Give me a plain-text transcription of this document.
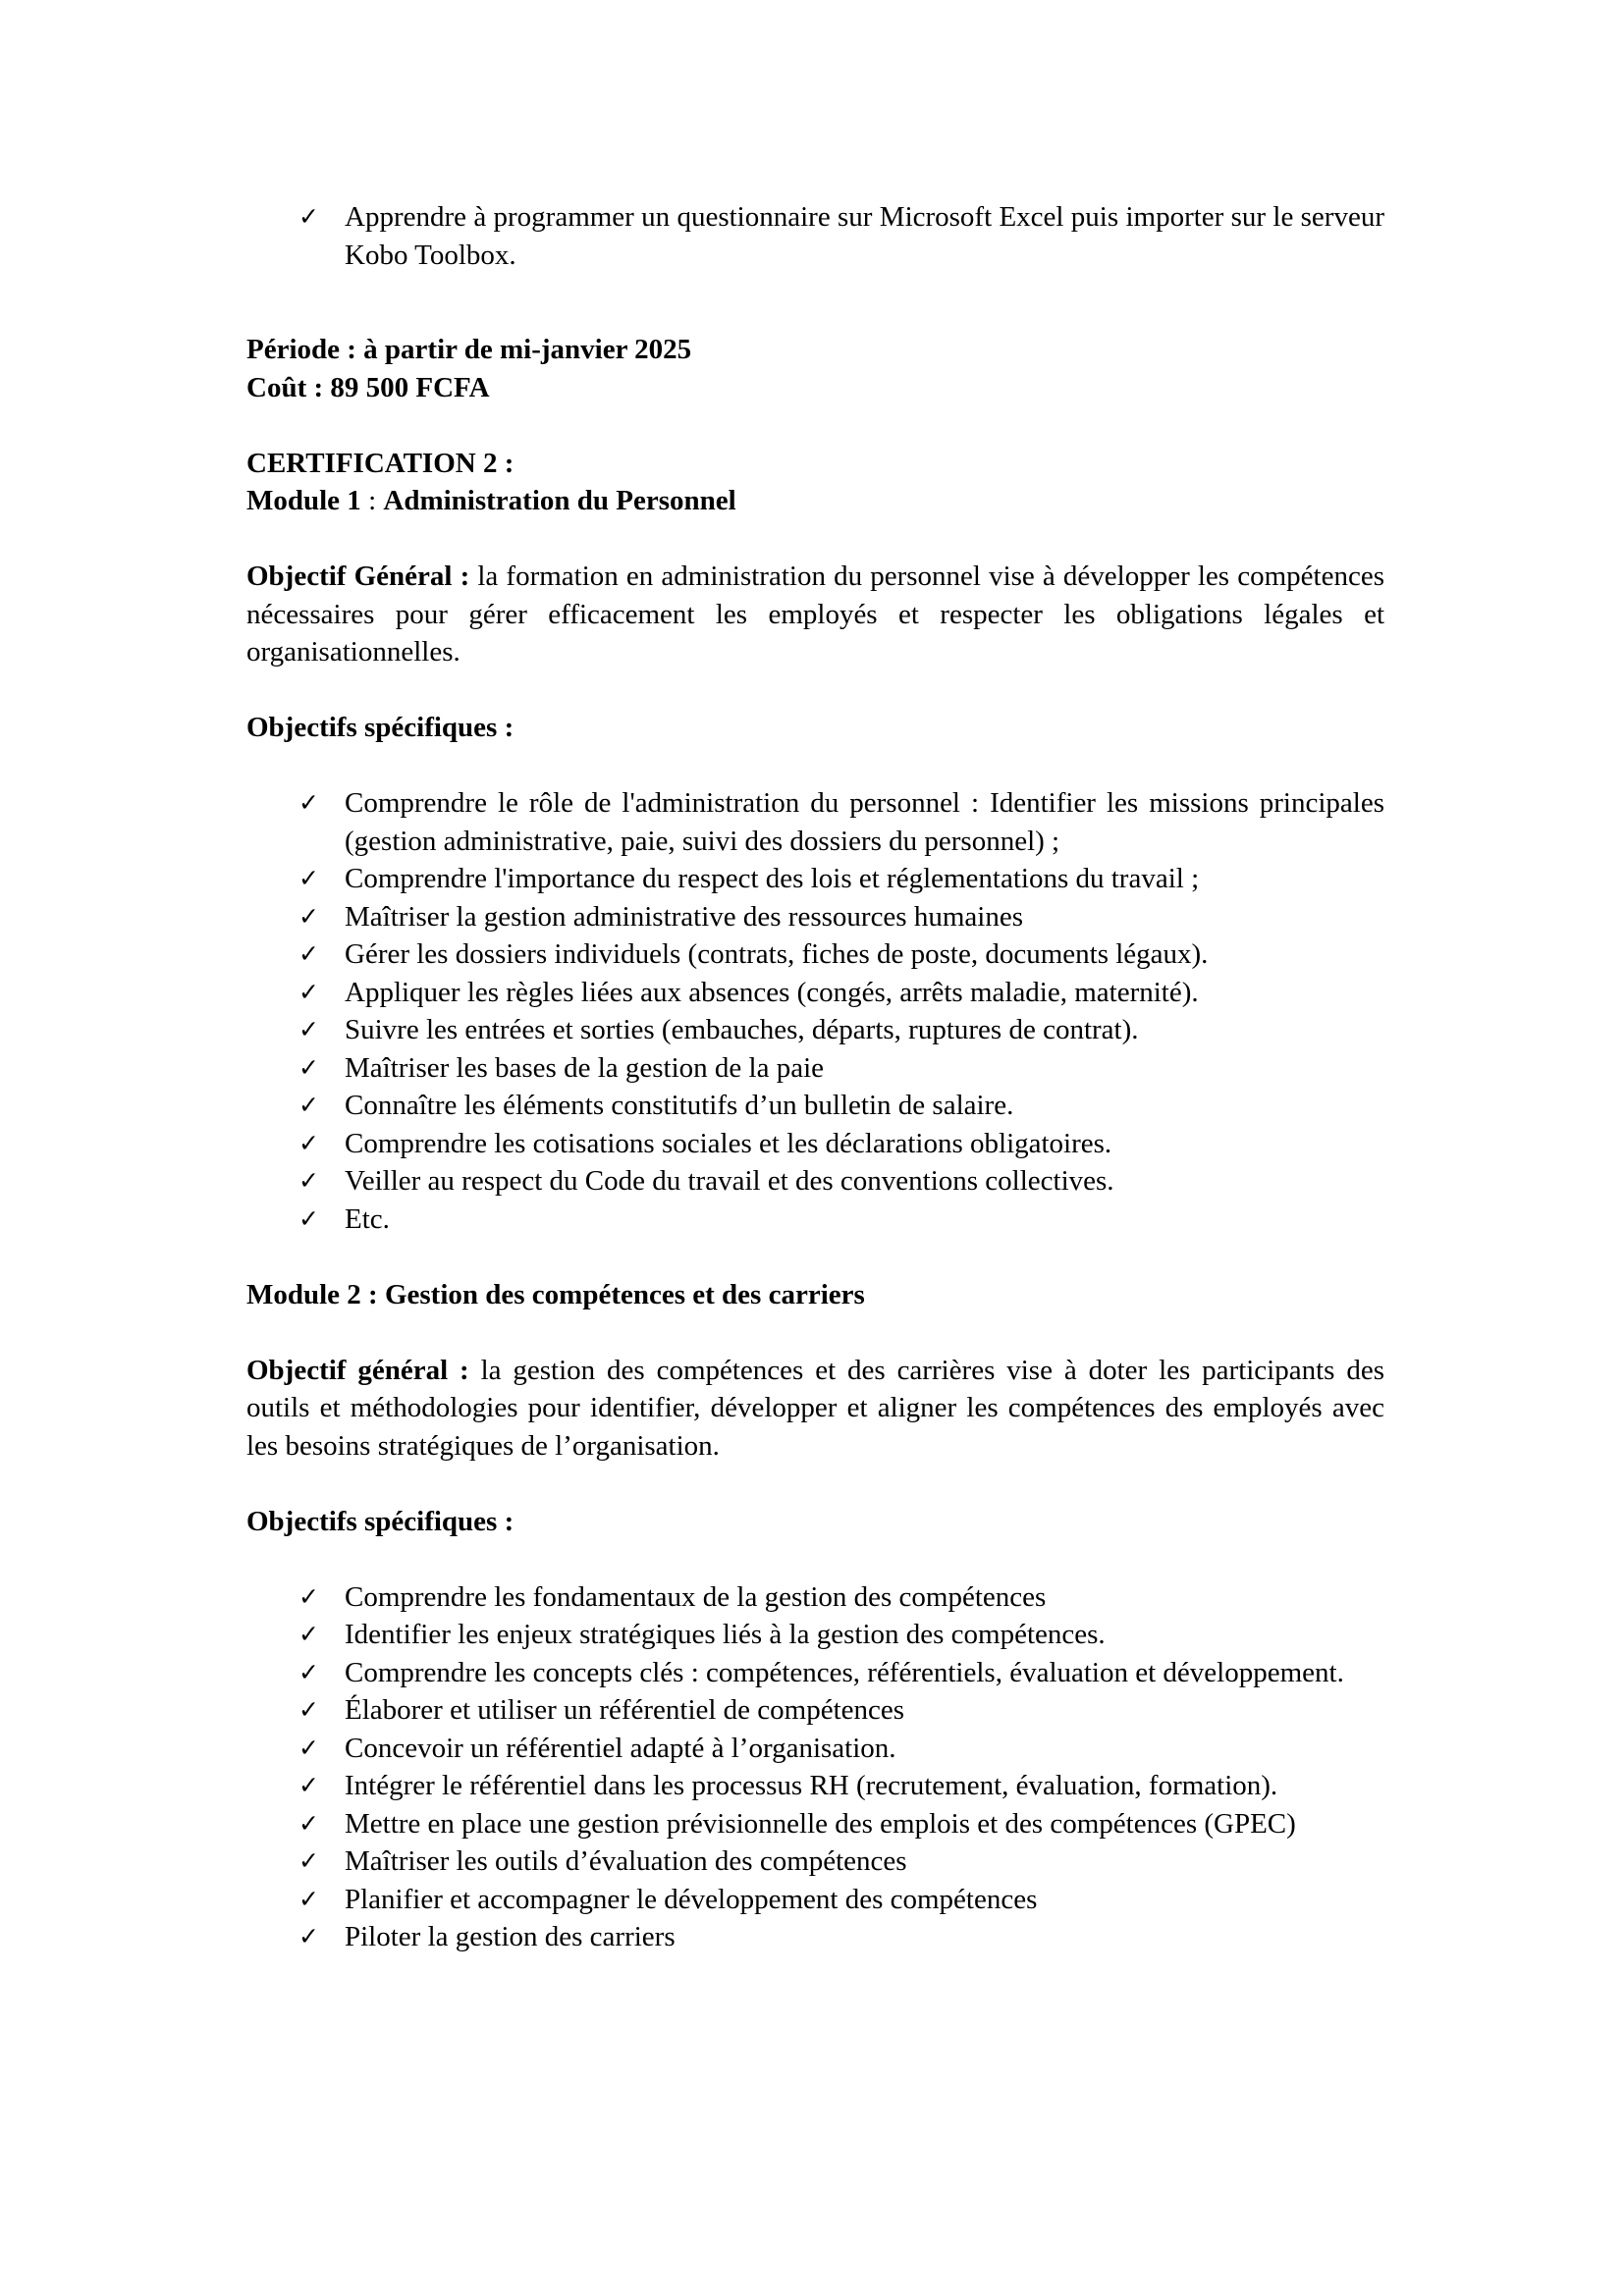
✓ Apprendre à programmer un questionnaire sur Microsoft Excel puis importer sur le serveur Kobo Toolbox.

Période : à partir de mi-janvier 2025

Coût : 89 500 FCFA

CERTIFICATION 2 :

Module 1 : Administration du Personnel

Objectif Général : la formation en administration du personnel vise à développer les compétences nécessaires pour gérer efficacement les employés et respecter les obligations légales et organisationnelles.

Objectifs spécifiques :

✓ Comprendre le rôle de l'administration du personnel : Identifier les missions principales (gestion administrative, paie, suivi des dossiers du personnel) ;
✓ Comprendre l'importance du respect des lois et réglementations du travail ;
✓ Maîtriser la gestion administrative des ressources humaines
✓ Gérer les dossiers individuels (contrats, fiches de poste, documents légaux).
✓ Appliquer les règles liées aux absences (congés, arrêts maladie, maternité).
✓ Suivre les entrées et sorties (embauches, départs, ruptures de contrat).
✓ Maîtriser les bases de la gestion de la paie
✓ Connaître les éléments constitutifs d’un bulletin de salaire.
✓ Comprendre les cotisations sociales et les déclarations obligatoires.
✓ Veiller au respect du Code du travail et des conventions collectives.
✓ Etc.

Module 2 : Gestion des compétences et des carriers

Objectif général : la gestion des compétences et des carrières vise à doter les participants des outils et méthodologies pour identifier, développer et aligner les compétences des employés avec les besoins stratégiques de l’organisation.

Objectifs spécifiques :

✓ Comprendre les fondamentaux de la gestion des compétences
✓ Identifier les enjeux stratégiques liés à la gestion des compétences.
✓ Comprendre les concepts clés : compétences, référentiels, évaluation et développement.
✓ Élaborer et utiliser un référentiel de compétences
✓ Concevoir un référentiel adapté à l’organisation.
✓ Intégrer le référentiel dans les processus RH (recrutement, évaluation, formation).
✓ Mettre en place une gestion prévisionnelle des emplois et des compétences (GPEC)
✓ Maîtriser les outils d’évaluation des compétences
✓ Planifier et accompagner le développement des compétences
✓ Piloter la gestion des carriers
